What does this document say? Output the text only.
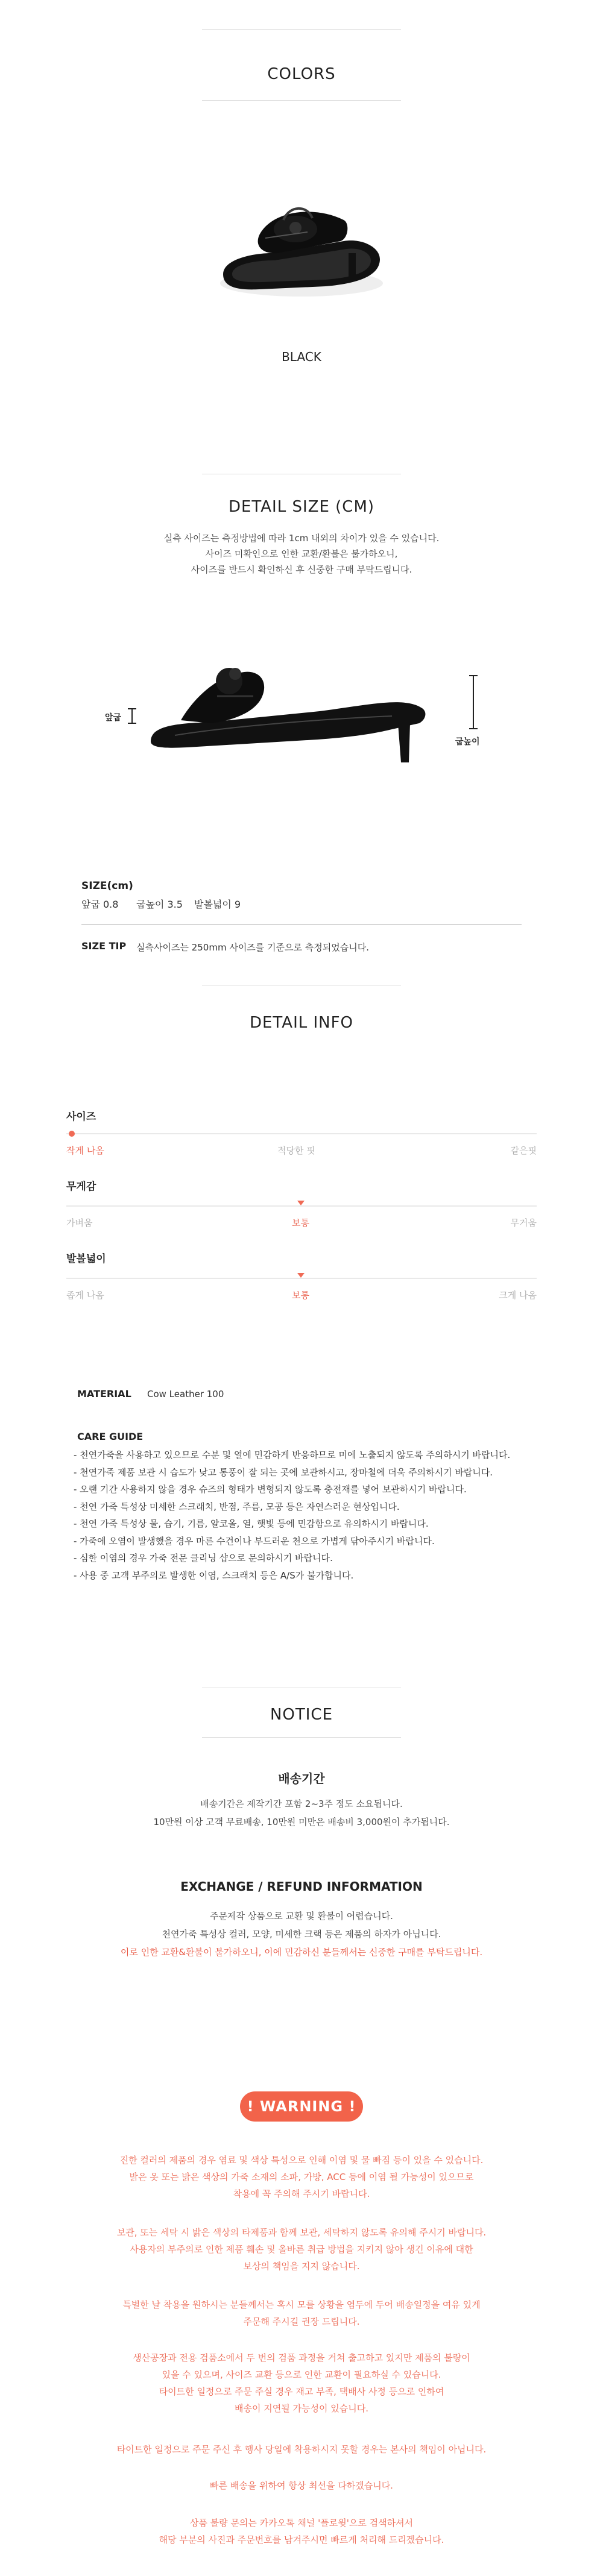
COLORS
BLACK
DETAIL SIZE (CM)
실측 사이즈는 측정방법에 따라 1cm 내외의 차이가 있을 수 있습니다.
사이즈 미확인으로 인한 교환/환불은 불가하오니,
사이즈를 반드시 확인하신 후 신중한 구매 부탁드립니다.
앞굽
굽높이
SIZE(cm)
앞굽 0.8 굽높이 3.5 발볼넓이 9
SIZE TIP 실측사이즈는 250mm 사이즈를 기준으로 측정되었습니다.
DETAIL INFO
사이즈
작게 나옴	적당한 핏	같은핏
무게감
가벼움	보통	무거움
발볼넓이
좁게 나옴	보통	크게 나옴
MATERIAL Cow Leather 100
CARE GUIDE
- 천연가죽을 사용하고 있으므로 수분 및 열에 민감하게 반응하므로 미에 노출되지 않도록 주의하시기 바랍니다.
- 천연가죽 제품 보관 시 습도가 낮고 통풍이 잘 되는 곳에 보관하시고, 장마철에 더욱 주의하시기 바랍니다.
- 오랜 기간 사용하지 않을 경우 슈즈의 형태가 변형되지 않도록 충전재를 넣어 보관하시기 바랍니다.
- 천연 가죽 특성상 미세한 스크래치, 반점, 주름, 모공 등은 자연스러운 현상입니다.
- 천연 가죽 특성상 물, 습기, 기름, 알코올, 열, 햇빛 등에 민감함으로 유의하시기 바랍니다.
- 가죽에 오염이 발생했을 경우 마른 수건이나 부드러운 천으로 가볍게 닦아주시기 바랍니다.
- 심한 이염의 경우 가죽 전문 클리닝 샵으로 문의하시기 바랍니다.
- 사용 중 고객 부주의로 발생한 이염, 스크래치 등은 A/S가 불가합니다.
NOTICE
배송기간
배송기간은 제작기간 포함 2~3주 정도 소요됩니다.
10만원 이상 고객 무료배송, 10만원 미만은 배송비 3,000원이 추가됩니다.
EXCHANGE / REFUND INFORMATION
주문제작 상품으로 교환 및 환불이 어렵습니다.
천연가죽 특성상 컬러, 모양, 미세한 크랙 등은 제품의 하자가 아닙니다.
이로 인한 교환&환불이 불가하오니, 이에 민감하신 분들께서는 신중한 구매를 부탁드립니다.
! WARNING !
진한 컬러의 제품의 경우 염료 및 색상 특성으로 인해 이염 및 물 빠짐 등이 있을 수 있습니다.
밝은 옷 또는 밝은 색상의 가죽 소재의 소파, 가방, ACC 등에 이염 될 가능성이 있으므로
착용에 꼭 주의해 주시기 바랍니다.
보관, 또는 세탁 시 밝은 색상의 타제품과 함께 보관, 세탁하지 않도록 유의해 주시기 바랍니다.
사용자의 부주의로 인한 제품 훼손 및 올바른 취급 방법을 지키지 않아 생긴 이유에 대한
보상의 책임을 지지 않습니다.
특별한 날 착용을 원하시는 분들께서는 혹시 모를 상황을 염두에 두어 배송일정을 여유 있게
주문해 주시길 권장 드립니다.
생산공장과 전용 검품소에서 두 번의 검품 과정을 거쳐 출고하고 있지만 제품의 불량이
있을 수 있으며, 사이즈 교환 등으로 인한 교환이 필요하실 수 있습니다.
타이트한 일정으로 주문 주실 경우 재고 부족, 택배사 사정 등으로 인하여
배송이 지연될 가능성이 있습니다.
타이트한 일정으로 주문 주신 후 행사 당일에 착용하시지 못할 경우는 본사의 책임이 아닙니다.
빠른 배송을 위하여 항상 최선을 다하겠습니다.
상품 불량 문의는 카카오톡 채널 '플로윗'으로 검색하셔서
해당 부분의 사진과 주문번호를 남겨주시면 빠르게 처리해 드리겠습니다.
